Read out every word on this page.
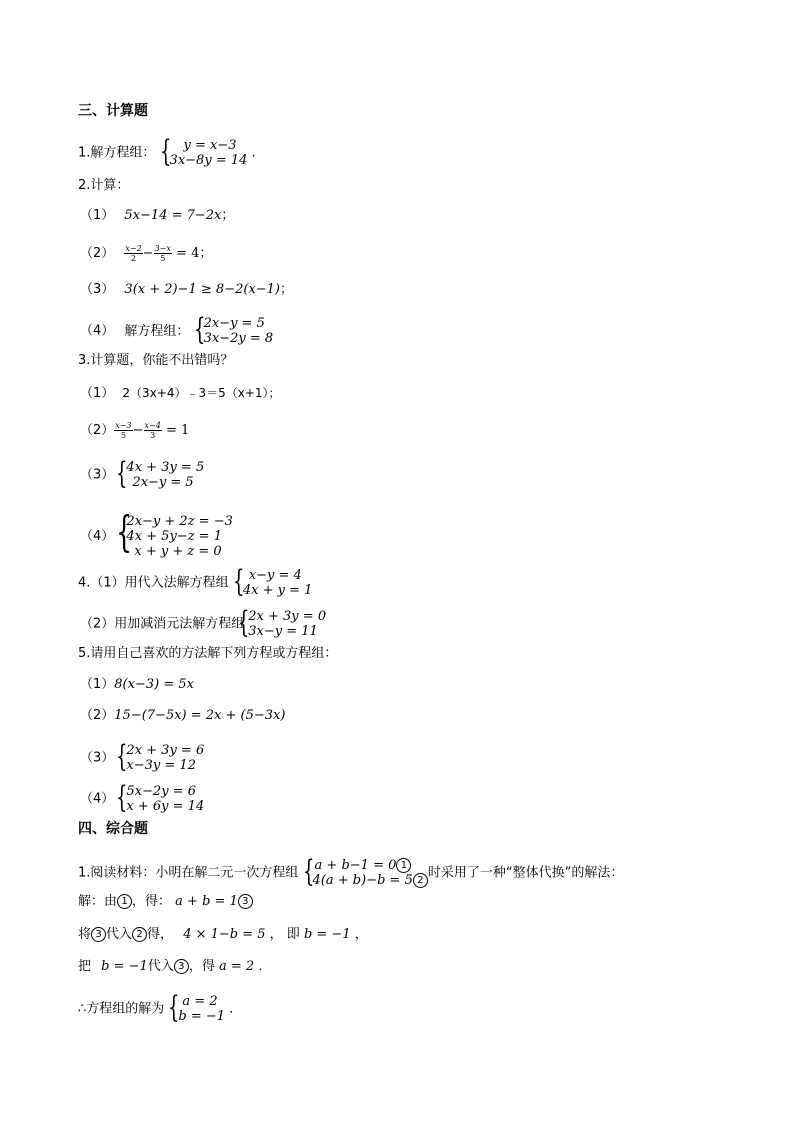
三、计算题
1.解方程组： { y = x−3
3x−8y = 14 .
2.计算：
（1） 5x−14 = 7−2x；
$(2) \frac{x-2}{2} - \frac{3-x}{5} = 4$；
（3） 3(x + 2)−1 ≥ 8−2(x−1)；
（4） 解方程组： {
2x−y = 5
3x−2y = 8
3.计算题，你能不出错吗？
（1） 2（3x+4）﹣3＝5（x+1）；
$(2) \frac{x-3}{5} - \frac{x-4}{3} = 1$
（3） {
4x + 3y = 5
2x−y = 5
（4） {
2x−y + 2z = −3
4x + 5y−z = 1
x + y + z = 0
4.（1）用代入法解方程组 { x−y = 4
4x + y = 1
（2）用加减消元法解方程组
{
2x + 3y = 0
3x−y = 11
5.请用自己喜欢的方法解下列方程或方程组：
（1）8(x−3) = 5x
（2）15−(7−5x) = 2x + (5−3x)
（3） {
2x + 3y = 6
x−3y = 12
（4） {
5x−2y = 6
x + 6y = 14
四、综合题
1.阅读材料：小明在解二元一次方程组 { a + b−1 = 0 1
4(a + b)−b = 5 2 时采用了一种“整体代换”的解法：
解：由 1 ，得： a + b = 1 3
将 3 代入 2 得， 4 × 1−b = 5 ， 即 b = −1 ，
把 b = −1代入 3 ，得 a = 2 ．
∴方程组的解为 { a = 2
b = −1 ．
